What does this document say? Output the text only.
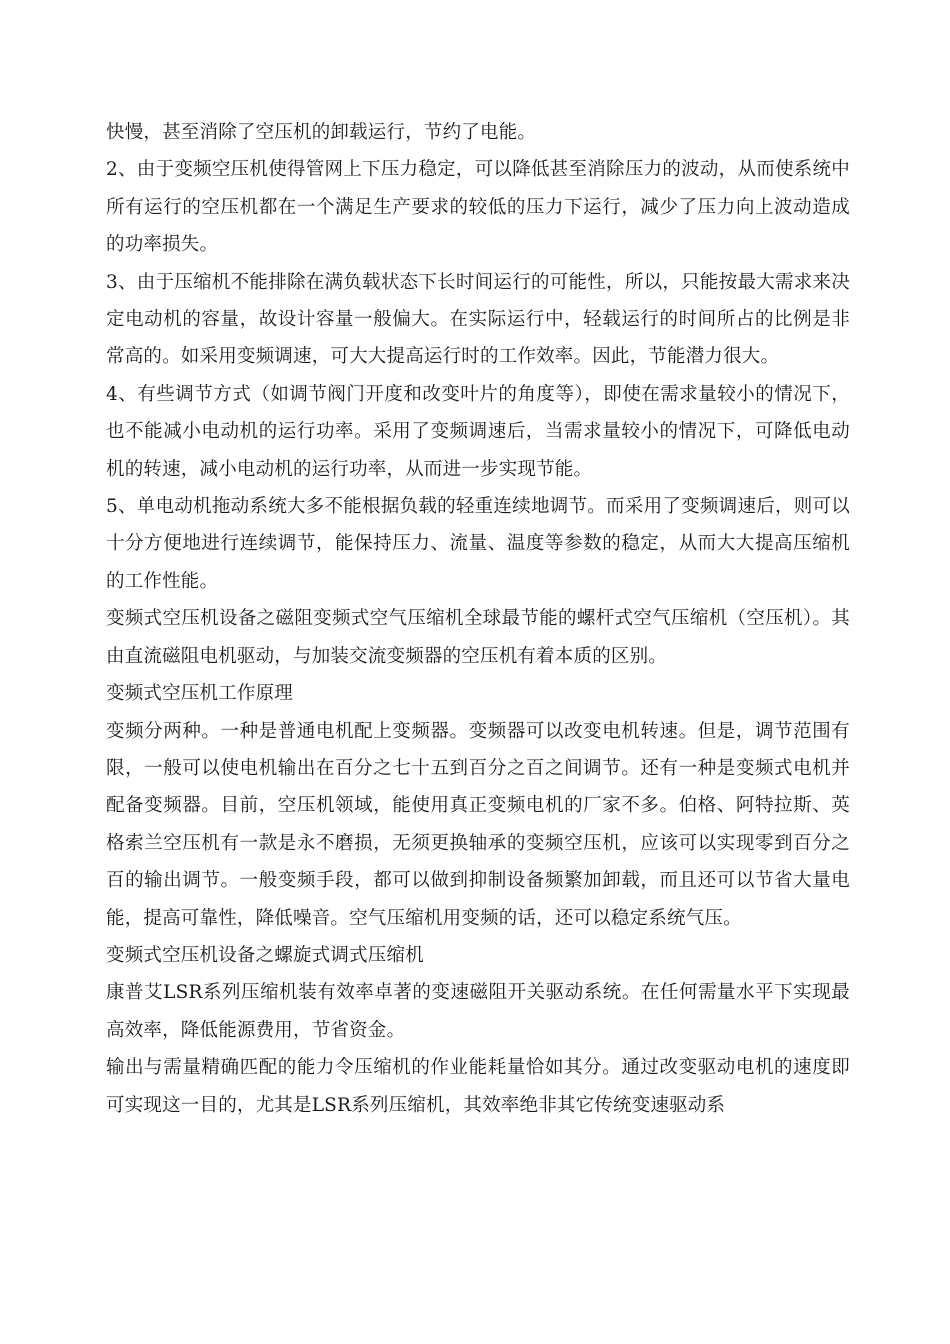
快慢，甚至消除了空压机的卸载运行，节约了电能。

2、由于变频空压机使得管网上下压力稳定，可以降低甚至消除压力的波动，从而使系统中所有运行的空压机都在一个满足生产要求的较低的压力下运行，减少了压力向上波动造成的功率损失。

3、由于压缩机不能排除在满负载状态下长时间运行的可能性，所以，只能按最大需求来决定电动机的容量，故设计容量一般偏大。在实际运行中，轻载运行的时间所占的比例是非常高的。如采用变频调速，可大大提高运行时的工作效率。因此，节能潜力很大。

4、有些调节方式（如调节阀门开度和改变叶片的角度等），即使在需求量较小的情况下，也不能减小电动机的运行功率。采用了变频调速后，当需求量较小的情况下，可降低电动机的转速，减小电动机的运行功率，从而进一步实现节能。

5、单电动机拖动系统大多不能根据负载的轻重连续地调节。而采用了变频调速后，则可以十分方便地进行连续调节，能保持压力、流量、温度等参数的稳定，从而大大提高压缩机的工作性能。

变频式空压机设备之磁阻变频式空气压缩机全球最节能的螺杆式空气压缩机（空压机）。其由直流磁阻电机驱动，与加装交流变频器的空压机有着本质的区别。

变频式空压机工作原理

变频分两种。一种是普通电机配上变频器。变频器可以改变电机转速。但是，调节范围有限，一般可以使电机输出在百分之七十五到百分之百之间调节。还有一种是变频式电机并配备变频器。目前，空压机领域，能使用真正变频电机的厂家不多。伯格、阿特拉斯、英格索兰空压机有一款是永不磨损，无须更换轴承的变频空压机，应该可以实现零到百分之百的输出调节。一般变频手段，都可以做到抑制设备频繁加卸载，而且还可以节省大量电能，提高可靠性，降低噪音。空气压缩机用变频的话，还可以稳定系统气压。

变频式空压机设备之螺旋式调式压缩机

康普艾LSR系列压缩机装有效率卓著的变速磁阻开关驱动系统。在任何需量水平下实现最高效率，降低能源费用，节省资金。

输出与需量精确匹配的能力令压缩机的作业能耗量恰如其分。通过改变驱动电机的速度即可实现这一目的，尤其是LSR系列压缩机，其效率绝非其它传统变速驱动系
